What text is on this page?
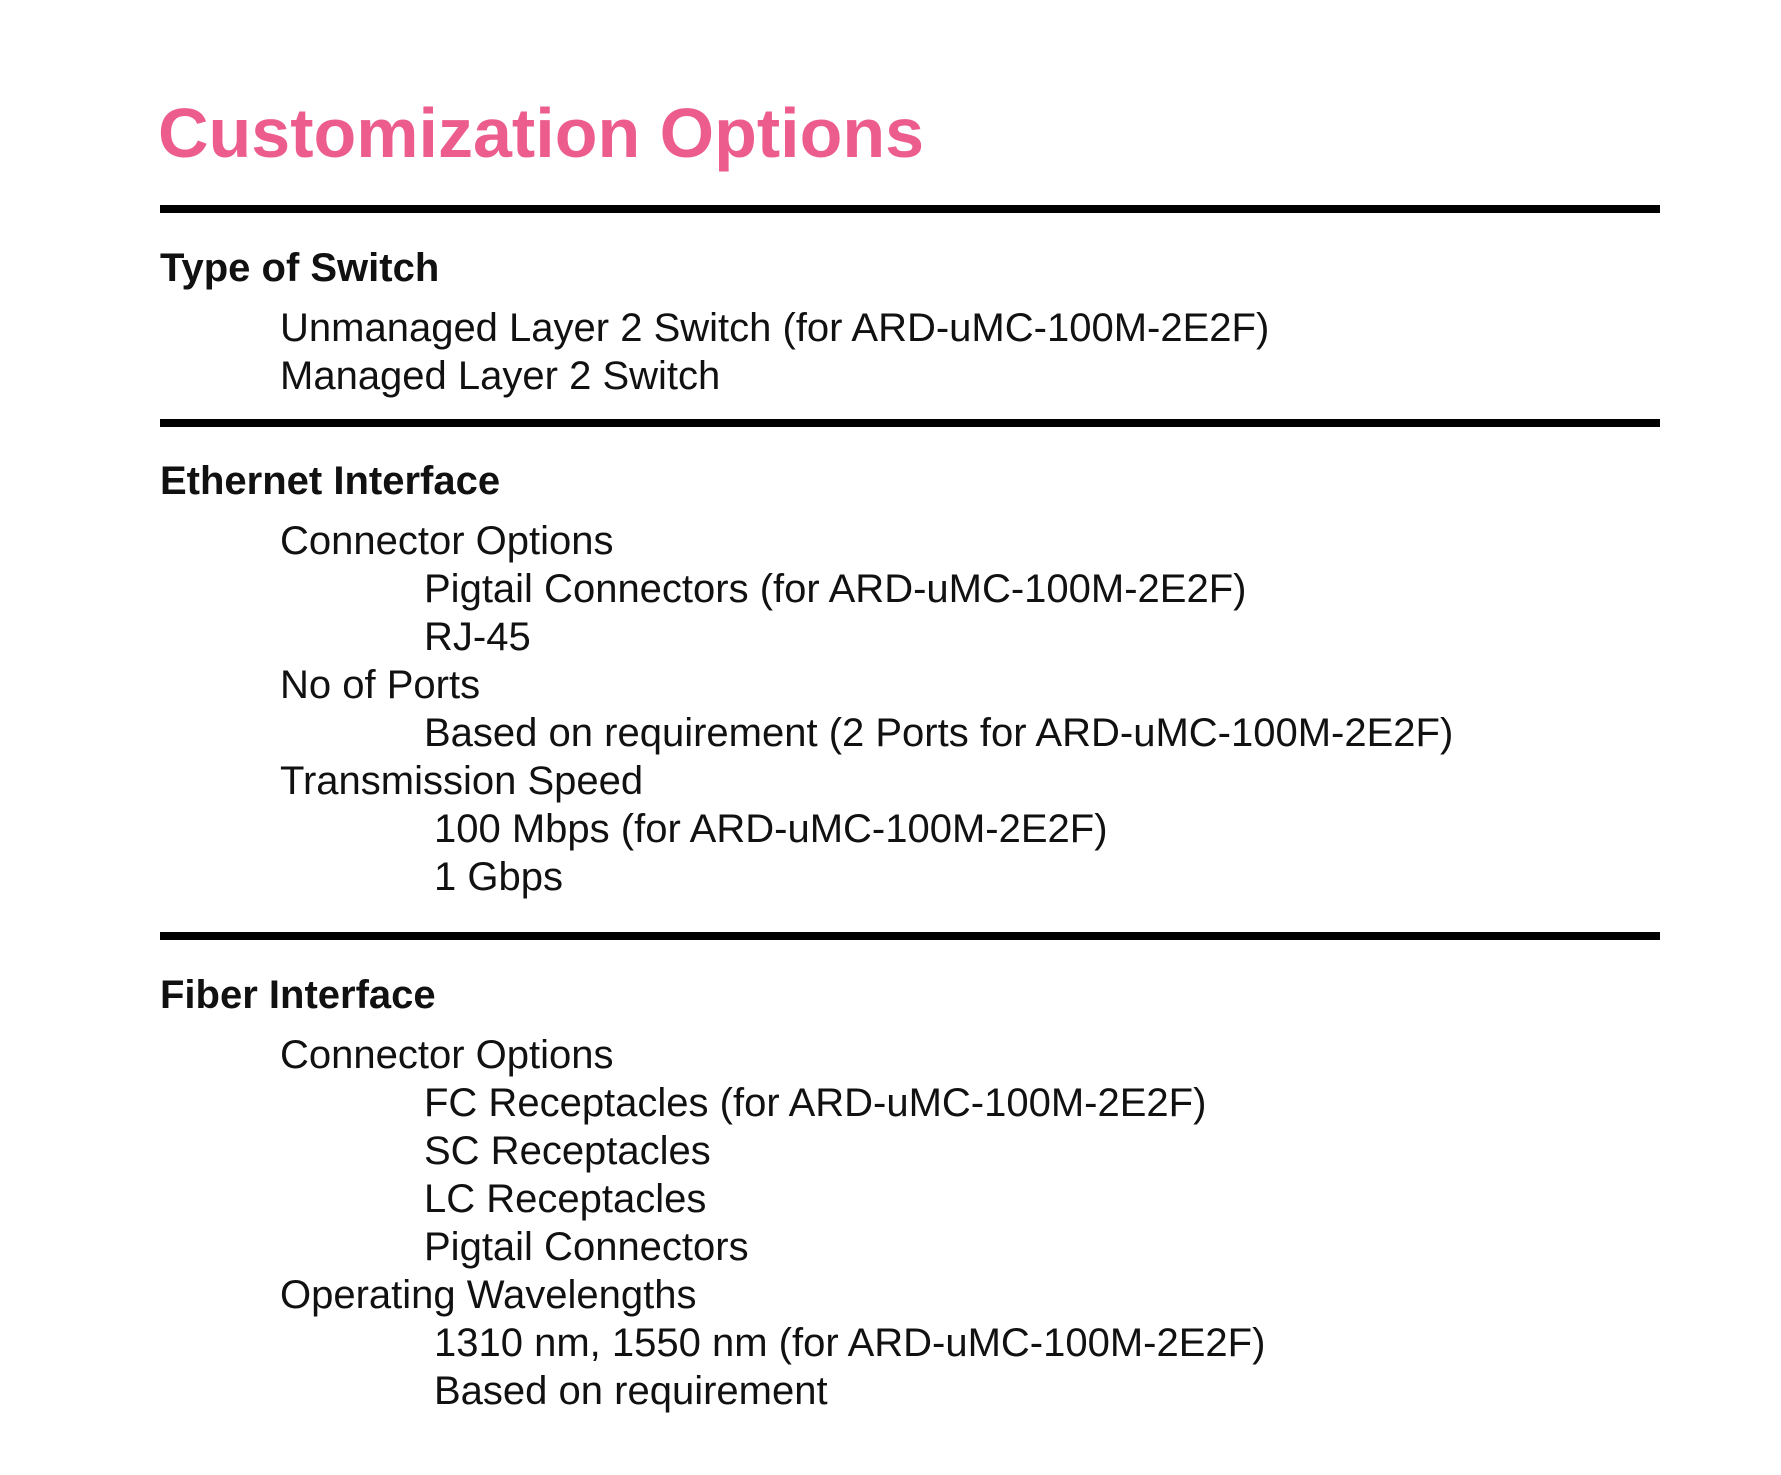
Customization Options
Type of Switch

Unmanaged Layer 2 Switch (for ARD-uMC-100M-2E2F)

Managed Layer 2 Switch

Ethernet Interface

Connector Options

Pigtail Connectors (for ARD-uMC-100M-2E2F)

RJ-45

No of Ports

Based on requirement (2 Ports for ARD-uMC-100M-2E2F)

Transmission Speed

100 Mbps (for ARD-uMC-100M-2E2F)

1 Gbps

Fiber Interface

Connector Options

FC Receptacles (for ARD-uMC-100M-2E2F)

SC Receptacles

LC Receptacles

Pigtail Connectors

Operating Wavelengths

1310 nm, 1550 nm (for ARD-uMC-100M-2E2F)

Based on requirement
